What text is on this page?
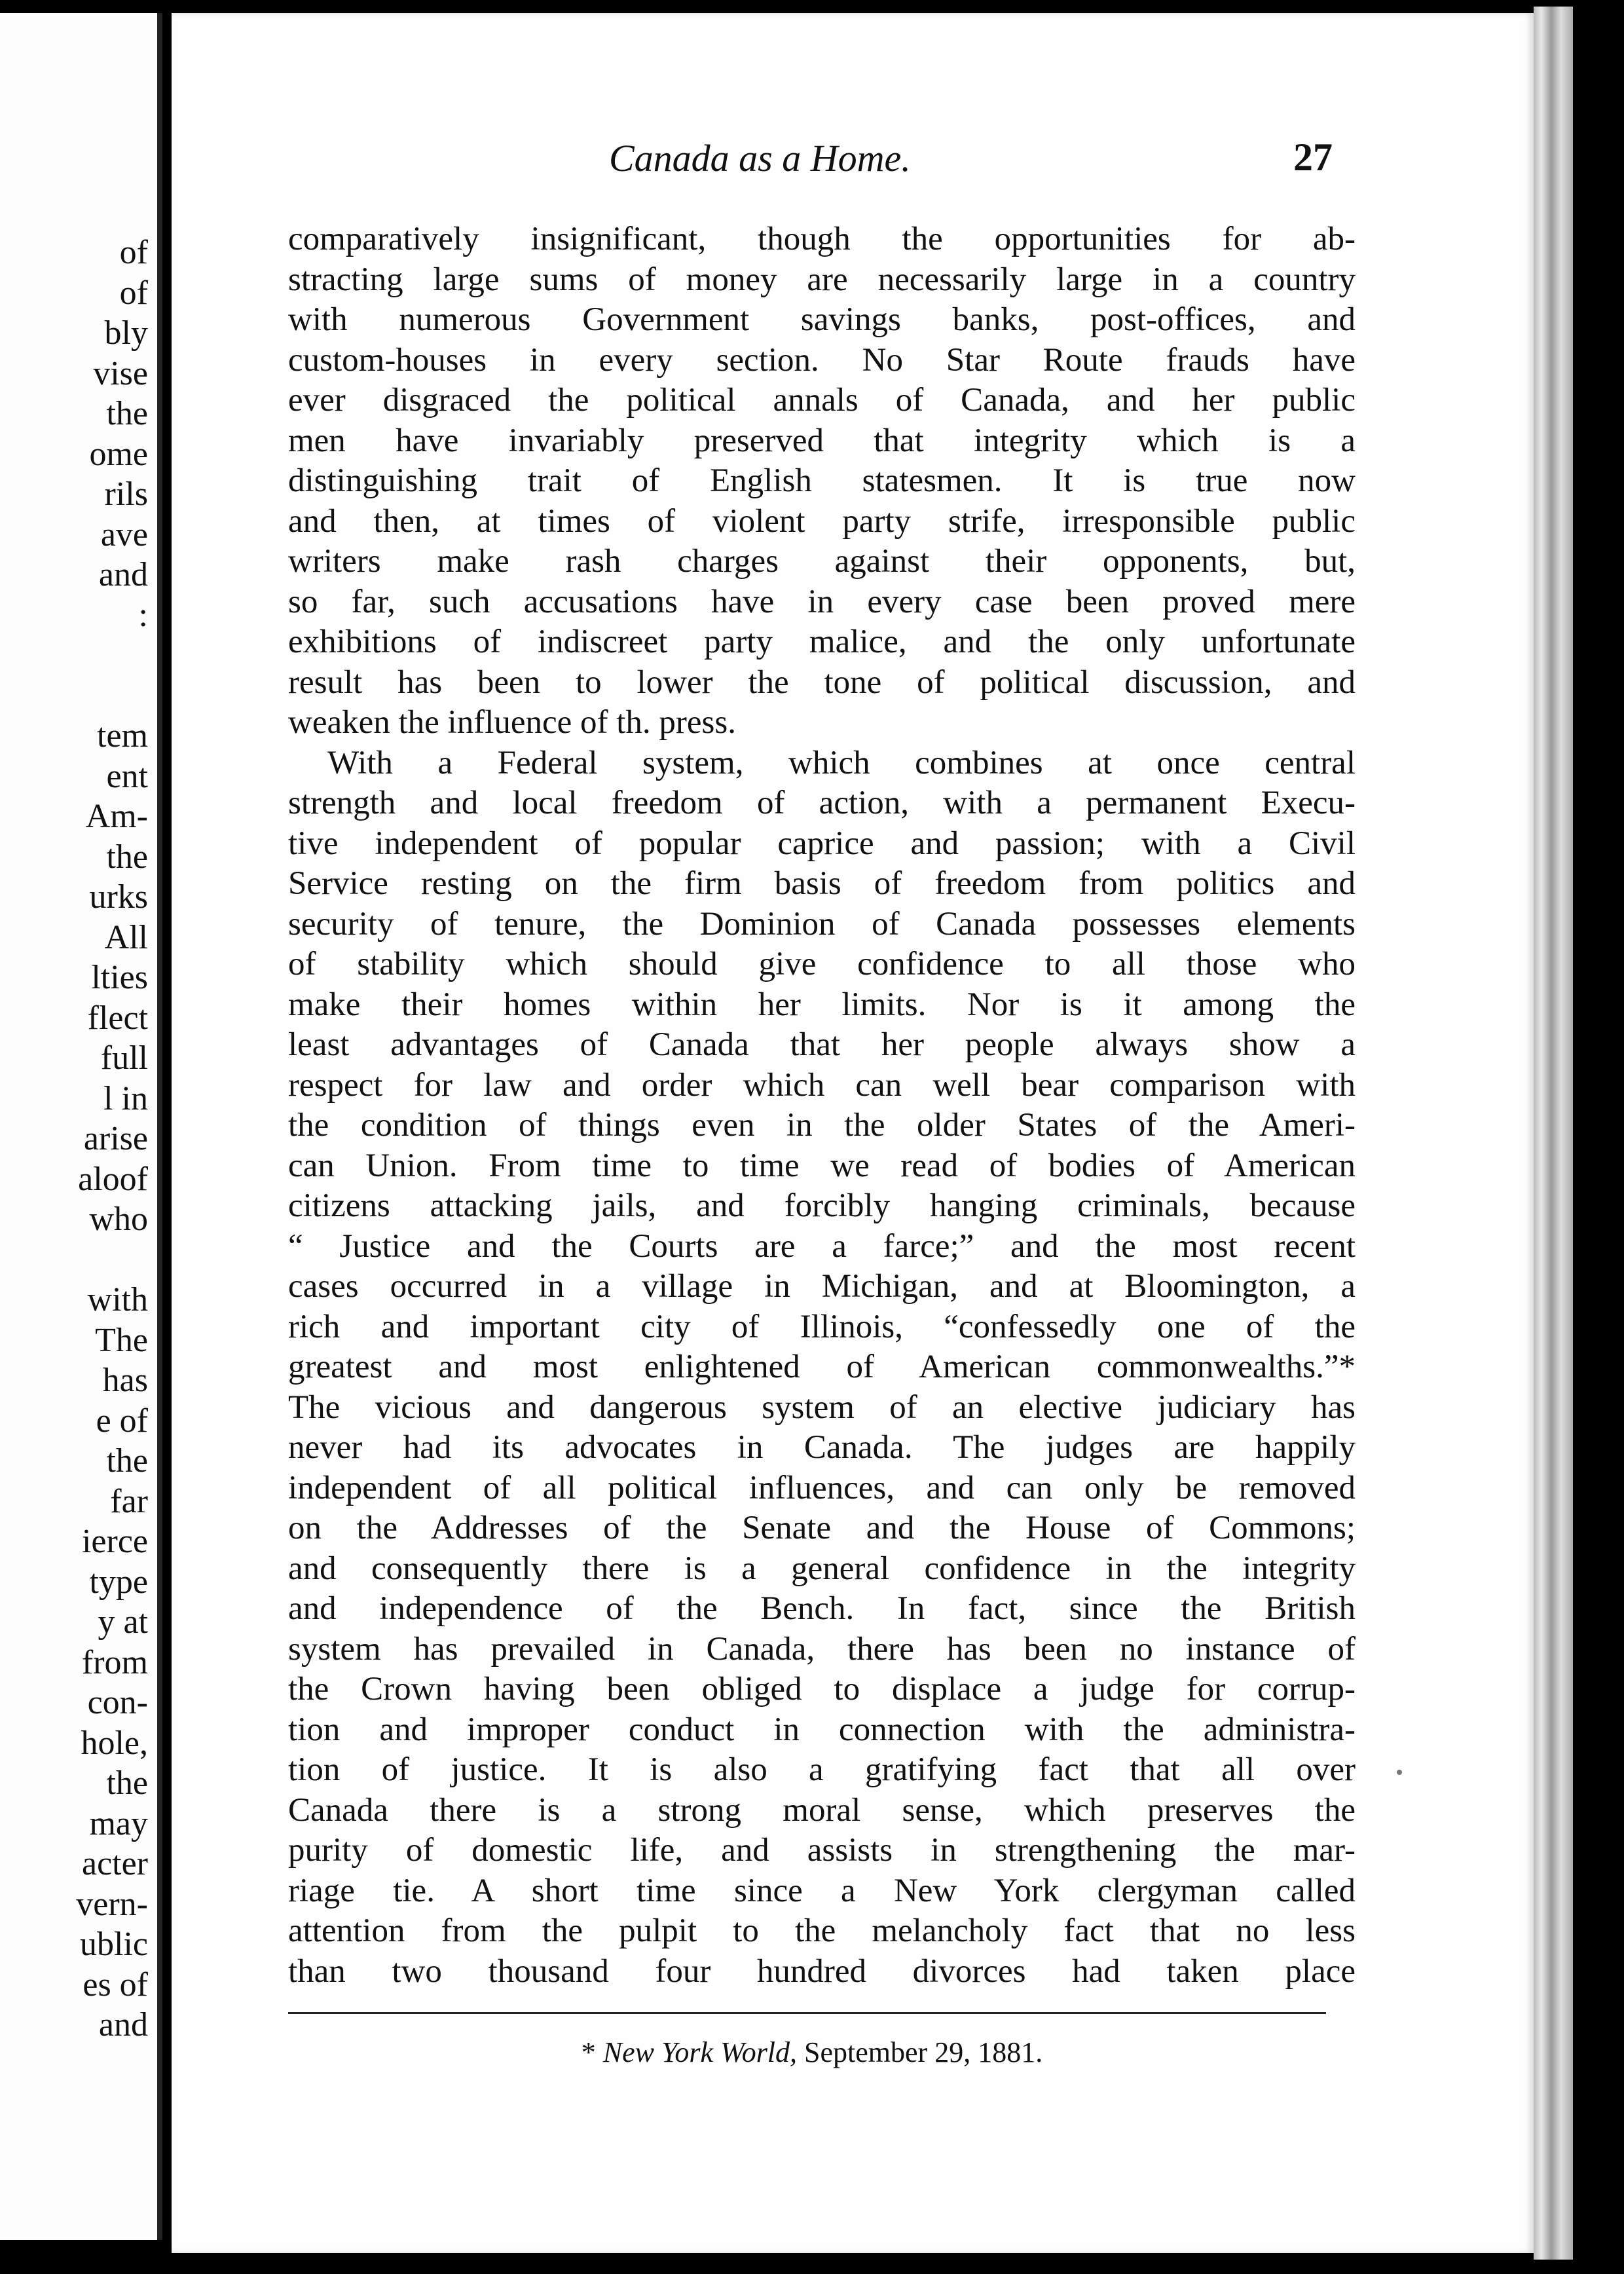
of
of
bly
vise
the
ome
rils
ave
and
:
tem
ent
Am-
the
urks
All
lties
flect
full
l in
arise
aloof
who
with
The
has
e of
the
far
ierce
type
y at
from
con-
hole,
the
may
acter
vern-
ublic
es of
and
Canada as a Home.	27
comparatively insignificant, though the opportunities for ab-
stracting large sums of money are necessarily large in a country
with numerous Government savings banks, post-offices, and
custom-houses in every section. No Star Route frauds have
ever disgraced the political annals of Canada, and her public
men have invariably preserved that integrity which is a
distinguishing trait of English statesmen. It is true now
and then, at times of violent party strife, irresponsible public
writers make rash charges against their opponents, but,
so far, such accusations have in every case been proved mere
exhibitions of indiscreet party malice, and the only unfortunate
result has been to lower the tone of political discussion, and
weaken the influence of th. press.
With a Federal system, which combines at once central
strength and local freedom of action, with a permanent Execu-
tive independent of popular caprice and passion; with a Civil
Service resting on the firm basis of freedom from politics and
security of tenure, the Dominion of Canada possesses elements
of stability which should give confidence to all those who
make their homes within her limits. Nor is it among the
least advantages of Canada that her people always show a
respect for law and order which can well bear comparison with
the condition of things even in the older States of the Ameri-
can Union. From time to time we read of bodies of American
citizens attacking jails, and forcibly hanging criminals, because
“ Justice and the Courts are a farce;” and the most recent
cases occurred in a village in Michigan, and at Bloomington, a
rich and important city of Illinois, “confessedly one of the
greatest and most enlightened of American commonwealths.”*
The vicious and dangerous system of an elective judiciary has
never had its advocates in Canada. The judges are happily
independent of all political influences, and can only be removed
on the Addresses of the Senate and the House of Commons;
and consequently there is a general confidence in the integrity
and independence of the Bench. In fact, since the British
system has prevailed in Canada, there has been no instance of
the Crown having been obliged to displace a judge for corrup-
tion and improper conduct in connection with the administra-
tion of justice. It is also a gratifying fact that all over
Canada there is a strong moral sense, which preserves the
purity of domestic life, and assists in strengthening the mar-
riage tie. A short time since a New York clergyman called
attention from the pulpit to the melancholy fact that no less
than two thousand four hundred divorces had taken place
* New York World, September 29, 1881.
